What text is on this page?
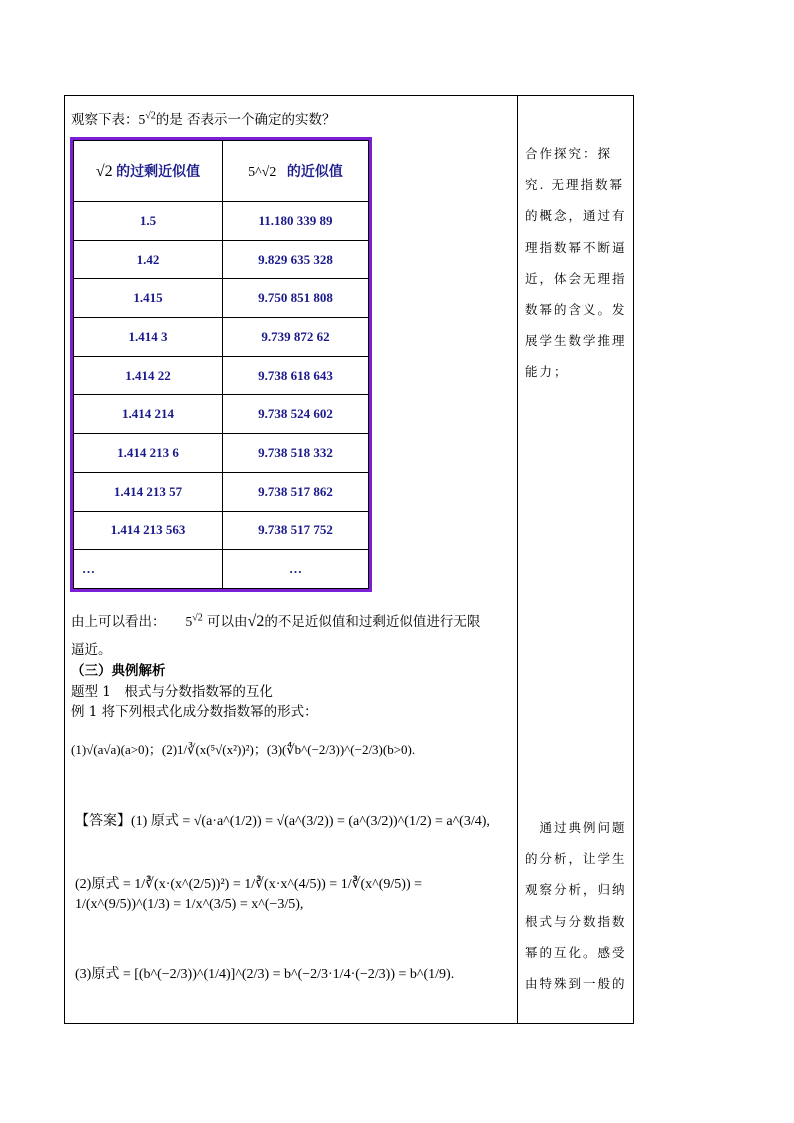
观察下表：$5^{√2}$的是 否表示一个确定的实数？
√2 的过剩近似值	5^√2 的近似值
1.5	11.180 339 89
1.42	9.829 635 328
1.415	9.750 851 808
1.414 3	9.739 872 62
1.414 22	9.738 618 643
1.414 214	9.738 524 602
1.414 213 6	9.738 518 332
1.414 213 57	9.738 517 862
1.414 213 563	9.738 517 752
…	…
由上可以看出： $5^{√2}$ 可以由√2的不足近似值和过剩近似值进行无限
逼近。
（三）典例解析
题型 1　根式与分数指数幂的互化
例 1 将下列根式化成分数指数幂的形式：
(1)√(a√a)(a>0)；(2)1/∛(x(⁵√(x²))²)；(3)(∜b^(−2/3))^(−2/3)(b>0).
【答案】(1) 原式 = √(a·a^(1/2)) = √(a^(3/2)) = (a^(3/2))^(1/2) = a^(3/4),
(2)原式 = 1/∛(x·(x^(2/5))²) = 1/∛(x·x^(4/5)) = 1/∛(x^(9/5)) = 1/(x^(9/5))^(1/3) = 1/x^(3/5) = x^(−3/5),
(3)原式 = [(b^(−2/3))^(1/4)]^(2/3) = b^(−2/3·1/4·(−2/3)) = b^(1/9).
合作探究：探究. 无理指数幂的概念，通过有理指数幂不断逼近，体会无理指数幂的含义。发展学生数学推理能力；
　通过典例问题的分析，让学生观察分析，归纳根式与分数指数幂的互化。感受由特殊到一般的
